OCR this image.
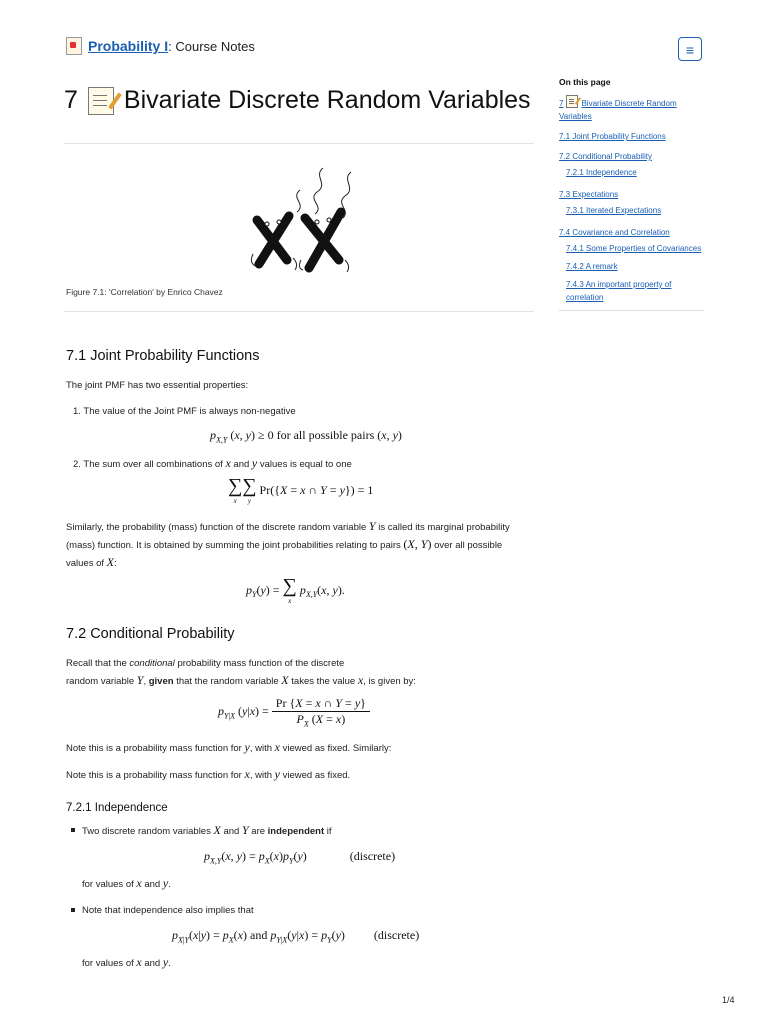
Probability I : Course Notes	≡
7 Bivariate Discrete Random Variables
Figure 7.1: 'Correlation' by Enrico Chavez
7.1 Joint Probability Functions
The joint PMF has two essential properties:
1. The value of the Joint PMF is always non-negative
$p_{X,Y}$ (x, y) ≥ 0 for all possible pairs (x, y)
2. The sum over all combinations of x and y values is equal to one
∑
x
∑
y
Pr({X = x ∩ Y = y}) = 1
Similarly, the probability (mass) function of the discrete random variable Y is called its marginal probability (mass) function. It is obtained by summing the joint probabilities relating to pairs (X, Y) over all possible
values of X:
$p_Y(y)$ = ∑
x
$p_{X,Y}(x$, y).
7.2 Conditional Probability
Recall that the conditional probability mass function of the discrete
random variable Y, given that the random variable X takes the value x, is given by:
$p_{Y|X}$ $(y|x) = \frac{Pr \{X = x \cap Y = y\}}{P_X (X = x)}$
Note this is a probability mass function for y, with x viewed as fixed. Similarly:
Note this is a probability mass function for x, with y viewed as fixed.
7.2.1 Independence
Two discrete random variables X and Y are independent if
$p_{X,Y}(x$, $y) = p_X(x)p_Y(y)$	(discrete)
for values of x and y.
Note that independence also implies that
$p_{X|Y}(x|y) = p_X(x)$ and $p_{Y|X}(y|x) = p_Y(y)$ (discrete)
for values of x and y.
On this page
7 Bivariate Discrete Random Variables
7.1 Joint Probability Functions
7.2 Conditional Probability
7.2.1 Independence
7.3 Expectations
7.3.1 Iterated Expectations
7.4 Covariance and Correlation
7.4.1 Some Properties of Covariances
7.4.2 A remark
7.4.3 An important property of correlation
1/4
